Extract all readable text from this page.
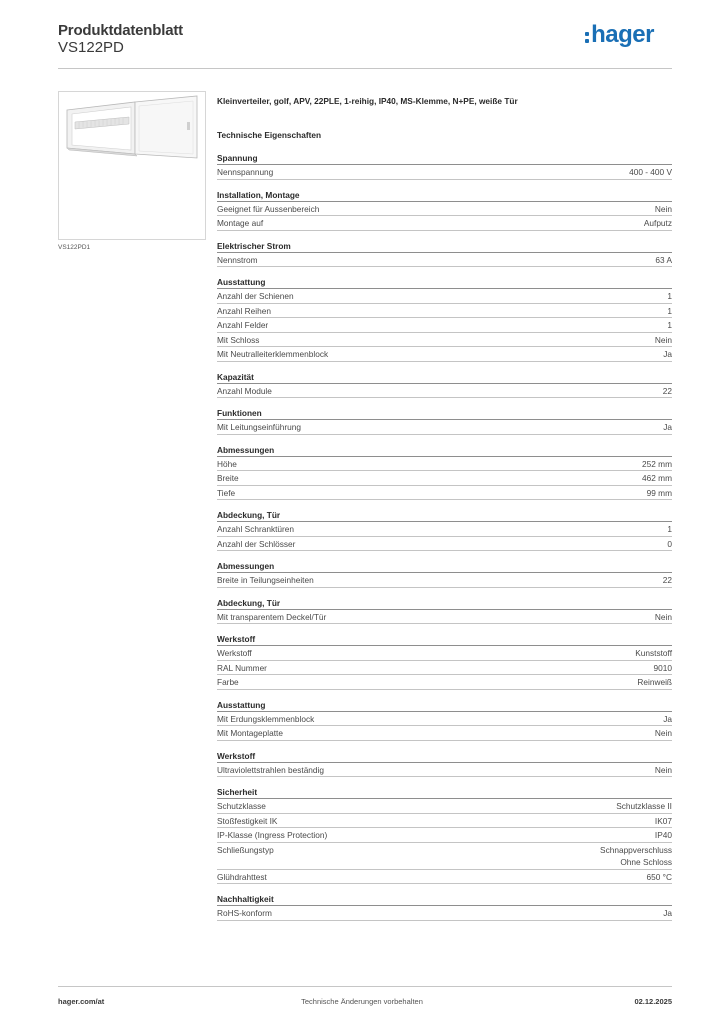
Produktdatenblatt
VS122PD	hager
VS122PD1
Kleinverteiler, golf, APV, 22PLE, 1-reihig, IP40, MS-Klemme, N+PE, weiße Tür
Technische Eigenschaften
Spannung
Nennspannung	400 - 400 V
Installation, Montage
Geeignet für Aussenbereich	Nein
Montage auf	Aufputz
Elektrischer Strom
Nennstrom	63 A
Ausstattung
Anzahl der Schienen	1
Anzahl Reihen	1
Anzahl Felder	1
Mit Schloss	Nein
Mit Neutralleiterklemmenblock	Ja
Kapazität
Anzahl Module	22
Funktionen
Mit Leitungseinführung	Ja
Abmessungen
Höhe	252 mm
Breite	462 mm
Tiefe	99 mm
Abdeckung, Tür
Anzahl Schranktüren	1
Anzahl der Schlösser	0
Abmessungen
Breite in Teilungseinheiten	22
Abdeckung, Tür
Mit transparentem Deckel/Tür	Nein
Werkstoff
Werkstoff	Kunststoff
RAL Nummer	9010
Farbe	Reinweiß
Ausstattung
Mit Erdungsklemmenblock	Ja
Mit Montageplatte	Nein
Werkstoff
Ultraviolettstrahlen beständig	Nein
Sicherheit
Schutzklasse	Schutzklasse II
Stoßfestigkeit IK	IK07
IP-Klasse (Ingress Protection)	IP40
Schließungstyp	Schnappverschluss
Ohne Schloss
Glühdrahttest	650 °C
Nachhaltigkeit
RoHS-konform	Ja
hager.com/at	Technische Änderungen vorbehalten	02.12.2025
